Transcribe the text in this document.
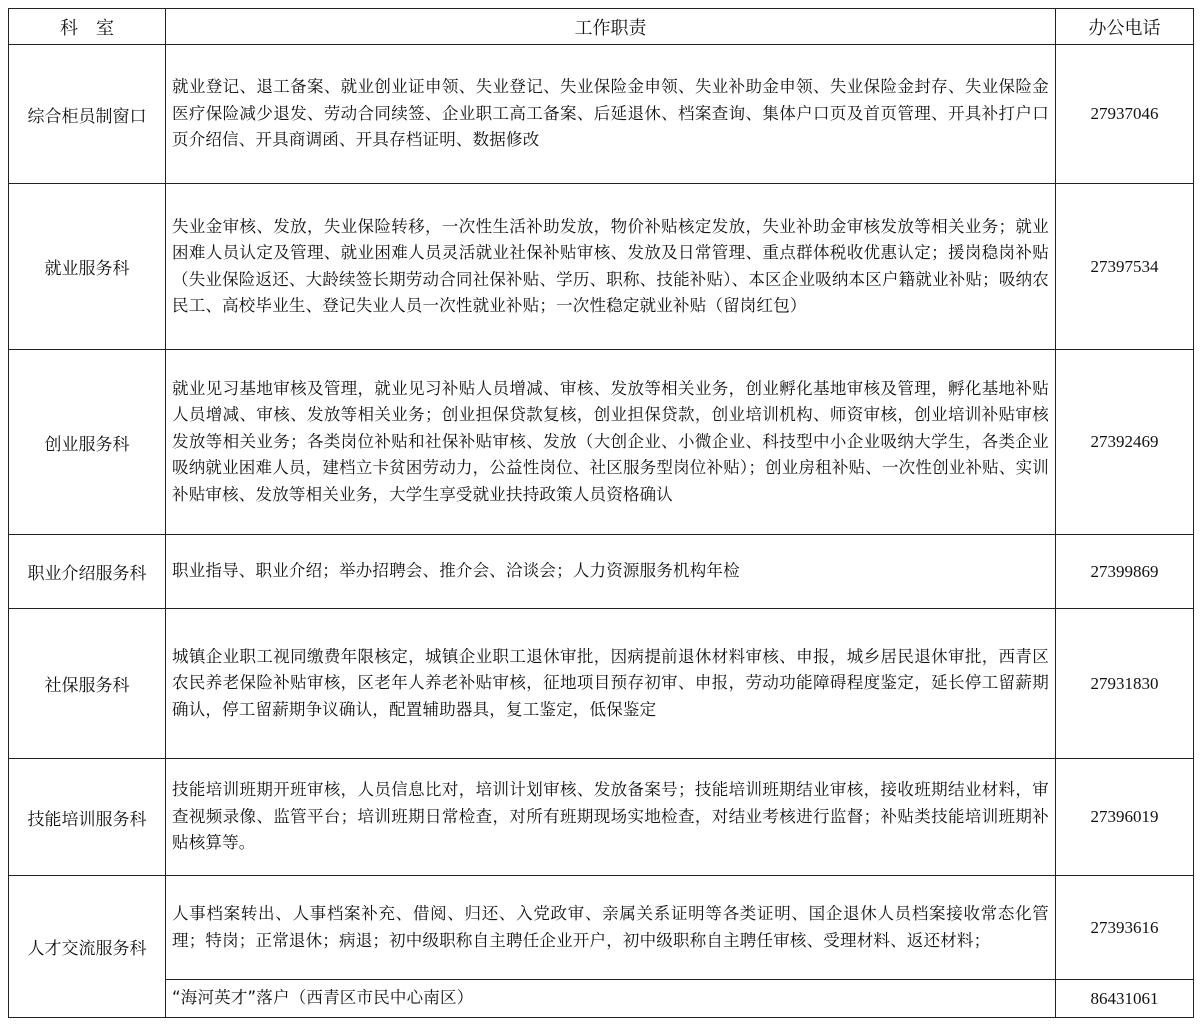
科　室	工作职责	办公电话
综合柜员制窗口	就业登记、退工备案、就业创业证申领、失业登记、失业保险金申领、失业补助金申领、失业保险金封存、失业保险金医疗保险减少退发、劳动合同续签、企业职工高工备案、后延退休、档案查询、集体户口页及首页管理、开具补打户口页介绍信、开具商调函、开具存档证明、数据修改	27937046
就业服务科	失业金审核、发放，失业保险转移，一次性生活补助发放，物价补贴核定发放，失业补助金审核发放等相关业务；就业困难人员认定及管理、就业困难人员灵活就业社保补贴审核、发放及日常管理、重点群体税收优惠认定；援岗稳岗补贴（失业保险返还、大龄续签长期劳动合同社保补贴、学历、职称、技能补贴）、本区企业吸纳本区户籍就业补贴；吸纳农民工、高校毕业生、登记失业人员一次性就业补贴；一次性稳定就业补贴（留岗红包）	27397534
创业服务科	就业见习基地审核及管理，就业见习补贴人员增减、审核、发放等相关业务，创业孵化基地审核及管理，孵化基地补贴人员增减、审核、发放等相关业务；创业担保贷款复核，创业担保贷款，创业培训机构、师资审核，创业培训补贴审核发放等相关业务；各类岗位补贴和社保补贴审核、发放（大创企业、小微企业、科技型中小企业吸纳大学生，各类企业吸纳就业困难人员，建档立卡贫困劳动力，公益性岗位、社区服务型岗位补贴）；创业房租补贴、一次性创业补贴、实训补贴审核、发放等相关业务，大学生享受就业扶持政策人员资格确认	27392469
职业介绍服务科	职业指导、职业介绍；举办招聘会、推介会、洽谈会；人力资源服务机构年检	27399869
社保服务科	城镇企业职工视同缴费年限核定，城镇企业职工退休审批，因病提前退休材料审核、申报，城乡居民退休审批，西青区农民养老保险补贴审核，区老年人养老补贴审核，征地项目预存初审、申报，劳动功能障碍程度鉴定，延长停工留薪期确认，停工留薪期争议确认，配置辅助器具，复工鉴定，低保鉴定	27931830
技能培训服务科	技能培训班期开班审核，人员信息比对，培训计划审核、发放备案号；技能培训班期结业审核，接收班期结业材料，审查视频录像、监管平台；培训班期日常检查，对所有班期现场实地检查，对结业考核进行监督；补贴类技能培训班期补贴核算等。	27396019
人才交流服务科	人事档案转出、人事档案补充、借阅、归还、入党政审、亲属关系证明等各类证明、国企退休人员档案接收常态化管理；特岗；正常退休；病退；初中级职称自主聘任企业开户，初中级职称自主聘任审核、受理材料、返还材料；	27393616
	“海河英才”落户（西青区市民中心南区）	86431061
